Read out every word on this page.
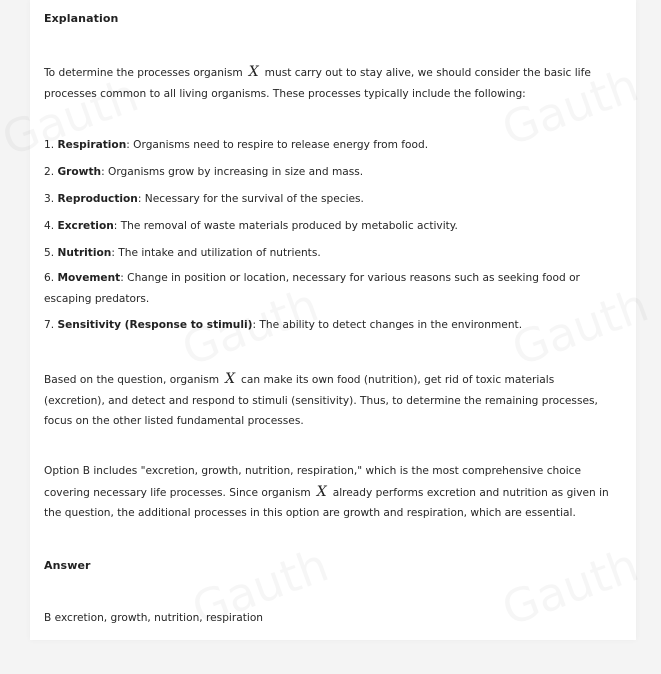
Explanation

To determine the processes organism X must carry out to stay alive, we should consider the basic life
processes common to all living organisms. These processes typically include the following:

1. Respiration: Organisms need to respire to release energy from food.

2. Growth: Organisms grow by increasing in size and mass.

3. Reproduction: Necessary for the survival of the species.

4. Excretion: The removal of waste materials produced by metabolic activity.

5. Nutrition: The intake and utilization of nutrients.

6. Movement: Change in position or location, necessary for various reasons such as seeking food or
escaping predators.

7. Sensitivity (Response to stimuli): The ability to detect changes in the environment.

Based on the question, organism X can make its own food (nutrition), get rid of toxic materials
(excretion), and detect and respond to stimuli (sensitivity). Thus, to determine the remaining processes,
focus on the other listed fundamental processes.

Option B includes "excretion, growth, nutrition, respiration," which is the most comprehensive choice
covering necessary life processes. Since organism X already performs excretion and nutrition as given in
the question, the additional processes in this option are growth and respiration, which are essential.

Answer

B excretion, growth, nutrition, respiration
